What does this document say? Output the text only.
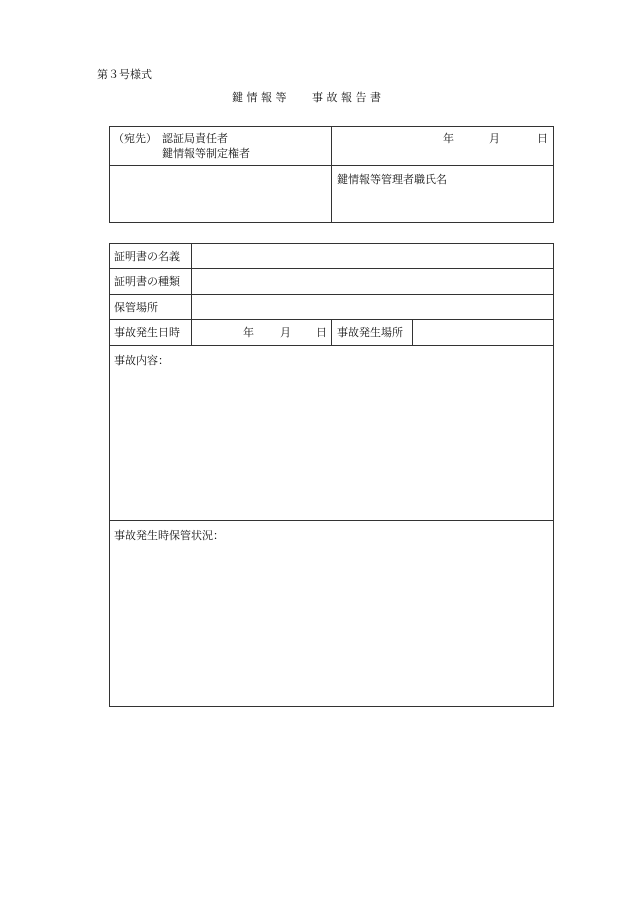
第３号様式
鍵 情 報 等　　 事 故 報 告 書
（宛先） 認証局責任者
鍵情報等制定権者
年	月	日
鍵情報等管理者職氏名
証明書の名義
証明書の種類
保管場所
事故発生日時	年 月 日 事故発生場所
事故内容：
事故発生時保管状況：
